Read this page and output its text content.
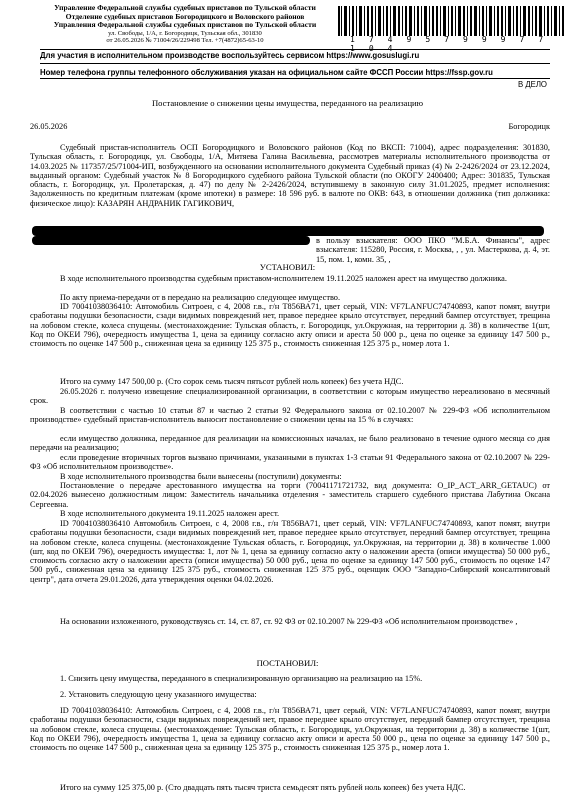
Управление Федеральной службы судебных приставов по Тульской области
Отделение судебных приставов Богородицкого и Воловского районов
Управления Федеральной службы судебных приставов по Тульской области
ул. Свободы, 1/А, г. Богородицк, Тульская обл., 301830
от 26.05.2026 № 71004/26/229498 Тел. +7(4872)65-63-10	1 7 4 9 5 7 9 9 9 7 7 1 0 4
Для участия в исполнительном производстве воспользуйтесь сервисом https://www.gosuslugi.ru
Номер телефона группы телефонного обслуживания указан на официальном сайте ФССП России https://fssp.gov.ru
В ДЕЛО
Постановление о снижении цены имущества, переданного на реализацию
26.05.2026	Богородицк
Судебный пристав-исполнитель ОСП Богородицкого и Воловского районов (Код по ВКСП: 71004), адрес подразделения: 301830, Тульская область, г. Богородицк, ул. Свободы, 1/А, Митяева Галина Васильевна, рассмотрев материалы исполнительного производства от 14.03.2025 № 117357/25/71004-ИП, возбужденного на основании исполнительного документа Судебный приказ (4) № 2-2426/2024 от 23.12.2024, выданный органом: Судебный участок № 8 Богородицкого судебного района Тульской области (по ОКОГУ 2400400; Адрес: 301835, Тульская область, г. Богородицк, ул. Пролетарская, д. 47) по делу № 2-2426/2024, вступившему в законную силу 31.01.2025, предмет исполнения: Задолженность по кредитным платежам (кроме ипотеки) в размере: 18 596 руб. в валюте по ОКВ: 643, в отношении должника (тип должника: физическое лицо): КАЗАРЯН АНДРАНИК ГАГИКОВИЧ,
в пользу взыскателя: ООО ПКО "М.Б.А. Финансы", адрес взыскателя: 115280, Россия, г. Москва, , , ул. Мастеркова, д. 4, эт. 15, пом. 1, комн. 35, ,
УСТАНОВИЛ:
В ходе исполнительного производства судебным приставом-исполнителем 19.11.2025 наложен арест на имущество должника.
По акту приема-передачи от в передано на реализацию следующее имущество.
ID 70041038036410: Автомобиль Ситроен, с 4, 2008 г.в., г/н Т856ВА71, цвет серый, VIN: VF7LANFUC74740893, капот помят, внутри сработаны подушки безопасности, сзади видимых повреждений нет, правое переднее крыло отсутствует, передний бампер отсутствует, трещина на лобовом стекле, колеса спущены. (местонахождение: Тульская область, г. Богородицк, ул.Окружная, на территории д. 38) в количестве 1(шт, Код по ОКЕИ 796), очередность имущества 1, цена за единицу согласно акту описи и ареста 50 000 р., цена по оценке за единицу 147 500 р., стоимость по оценке 147 500 р., сниженная цена за единицу 125 375 р., стоимость сниженная 125 375 р., номер лота 1.
Итого на сумму 147 500,00 р. (Сто сорок семь тысяч пятьсот рублей ноль копеек) без учета НДС.
26.05.2026 г. получено извещение специализированной организации, в соответствии с которым имущество нереализовано в месячный срок.
В соответствии с частью 10 статьи 87 и частью 2 статьи 92 Федерального закона от 02.10.2007 № 229-ФЗ «Об исполнительном производстве» судебный пристав-исполнитель выносит постановление о снижении цены на 15 % в случаях:
если имущество должника, переданное для реализации на комиссионных началах, не было реализовано в течение одного месяца со дня передачи на реализацию;
если проведение вторичных торгов вызвано причинами, указанными в пунктах 1-3 статьи 91 Федерального закона от 02.10.2007 № 229-ФЗ «Об исполнительном производстве».
В ходе исполнительного производства были вынесены (поступили) документы:
Постановление о передаче арестованного имущества на торги (70041171721732, вид документа: O_IP_ACT_ARR_GETAUC) от 02.04.2026 вынесено должностным лицом: Заместитель начальника отделения - заместитель старшего судебного пристава Лабутина Оксана Сергеевна.
В ходе исполнительного документа 19.11.2025 наложен арест.
ID 70041038036410 Автомобиль Ситроен, с 4, 2008 г.в., г/н Т856ВА71, цвет серый, VIN: VF7LANFUC74740893, капот помят, внутри сработаны подушки безопасности, сзади видимых повреждений нет, правое переднее крыло отсутствует, передний бампер отсутствует, трещина на лобовом стекле, колеса спущены. (местонахождение Тульская область, г. Богородицк, ул.Окружная, на территории д. 38) в количестве 1.000 (шт, код по ОКЕИ 796), очередность имущества: 1, лот № 1, цена за единицу согласно акту о наложении ареста (описи имущества) 50 000 руб., стоимость согласно акту о наложении ареста (описи имущества) 50 000 руб., цена по оценке за единицу 147 500 руб., стоимость по оценке 147 500 руб., сниженная цена за единицу 125 375 руб., стоимость сниженная 125 375 руб., оценщик ООО "Западно-Сибирский консалтинговый центр", дата отчета 29.01.2026, дата утверждения оценки 04.02.2026.
На основании изложенного, руководствуясь ст. 14, ст. 87, ст. 92 ФЗ от 02.10.2007 № 229-ФЗ «Об исполнительном производстве» ,
ПОСТАНОВИЛ:
1. Снизить цену имущества, переданного в специализированную организацию на реализацию на 15%.
2. Установить следующую цену указанного имущества:
ID 70041038036410: Автомобиль Ситроен, с 4, 2008 г.в., г/н Т856ВА71, цвет серый, VIN: VF7LANFUC74740893, капот помят, внутри сработаны подушки безопасности, сзади видимых повреждений нет, правое переднее крыло отсутствует, передний бампер отсутствует, трещина на лобовом стекле, колеса спущены. (местонахождение: Тульская область, г. Богородицк, ул.Окружная, на территории д. 38) в количестве 1(шт, Код по ОКЕИ 796), очередность имущества 1, цена за единицу согласно акту описи и ареста 50 000 р., цена по оценке за единицу 147 500 р., стоимость по оценке 147 500 р., сниженная цена за единицу 125 375 р., стоимость сниженная 125 375 р., номер лота 1.
Итого на сумму 125 375,00 р. (Сто двадцать пять тысяч триста семьдесят пять рублей ноль копеек) без учета НДС.
